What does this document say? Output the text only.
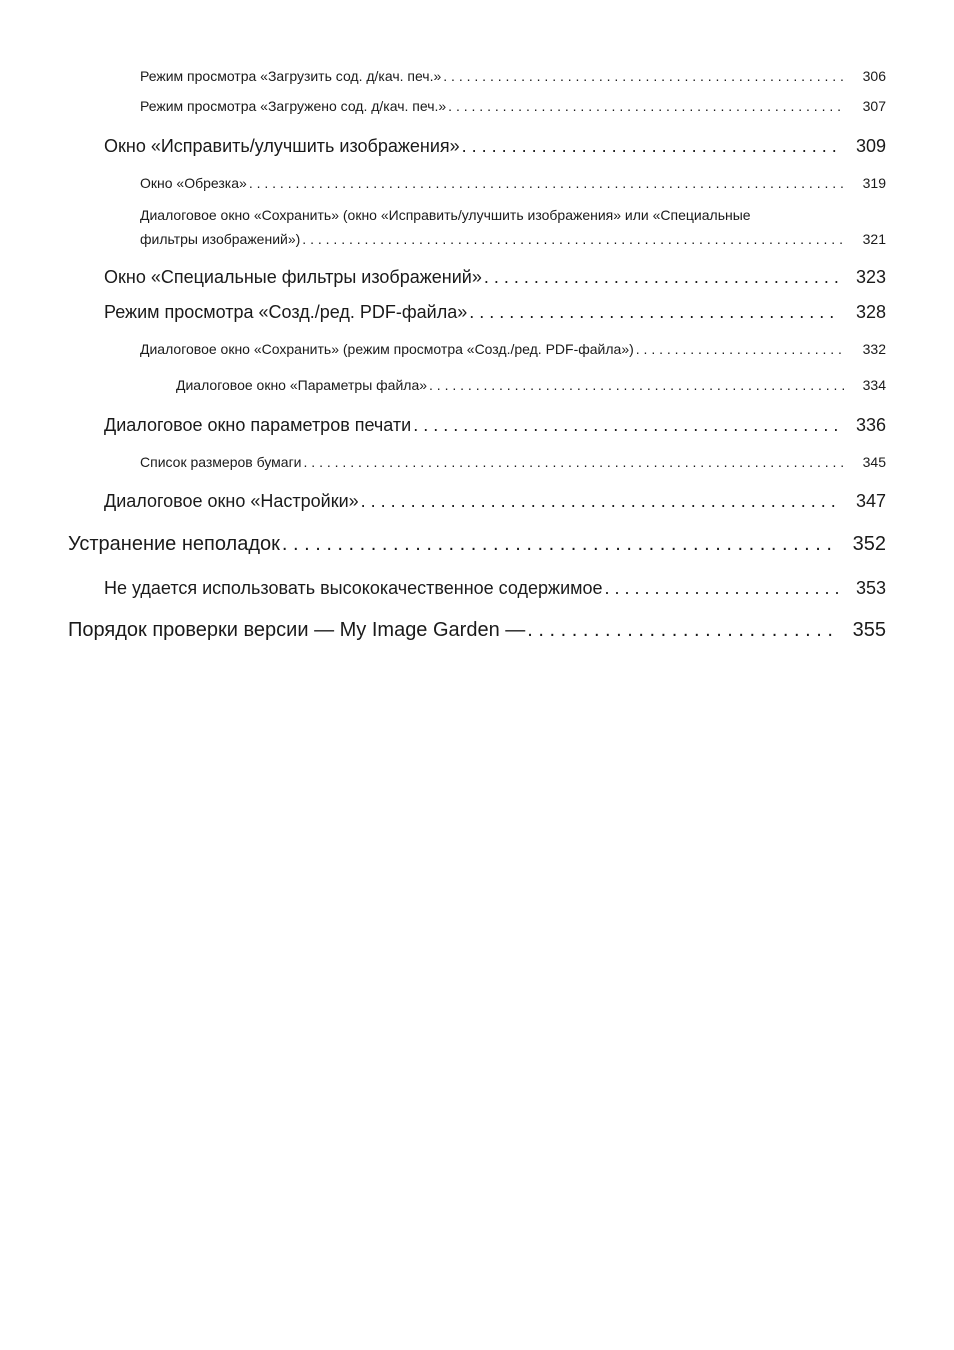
Режим просмотра «Загрузить сод. д/кач. печ.» . . .	306
Режим просмотра «Загружено сод. д/кач. печ.» . . .	307
Окно «Исправить/улучшить изображения» . . .	309
Окно «Обрезка» . . .	319
Диалоговое окно «Сохранить» (окно «Исправить/улучшить изображения» или «Специальные
фильтры изображений») . . .	321
Окно «Специальные фильтры изображений» . . .	323
Режим просмотра «Созд./ред. PDF-файла» . . .	328
Диалоговое окно «Сохранить» (режим просмотра «Созд./ред. PDF-файла») . . .	332
Диалоговое окно «Параметры файла» . . .	334
Диалоговое окно параметров печати . . .	336
Список размеров бумаги . . .	345
Диалоговое окно «Настройки» . . .	347
Устранение неполадок . . .	352
Не удается использовать высококачественное содержимое . . .	353
Порядок проверки версии — My Image Garden — . . .	355
